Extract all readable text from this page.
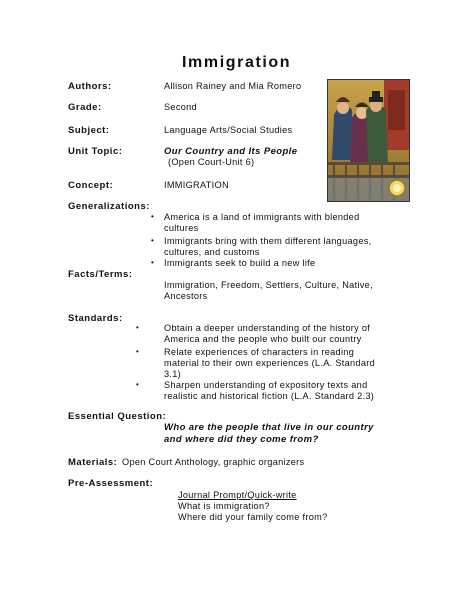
Immigration
Authors:	Allison Rainey and Mia Romero
Grade:	Second
Subject:	Language Arts/Social Studies
Unit Topic:	Our Country and Its People
(Open Court-Unit 6)
Concept:	IMMIGRATION
Generalizations:
• America is a land of immigrants with blended
cultures
• Immigrants bring with them different languages,
cultures, and customs
• Immigrants seek to build a new life
Facts/Terms:
Immigration, Freedom, Settlers, Culture, Native,
Ancestors
Standards:
•	Obtain a deeper understanding of the history of
America and the people who built our country
•	Relate experiences of characters in reading
material to their own experiences (L.A. Standard
3.1)
•	Sharpen understanding of expository texts and
realistic and historical fiction (L.A. Standard 2.3)
Essential Question:
Who are the people that live in our country
and where did they come from?
Materials: Open Court Anthology, graphic organizers
Pre-Assessment:
Journal Prompt/Quick-write
What is immigration?
Where did your family come from?
